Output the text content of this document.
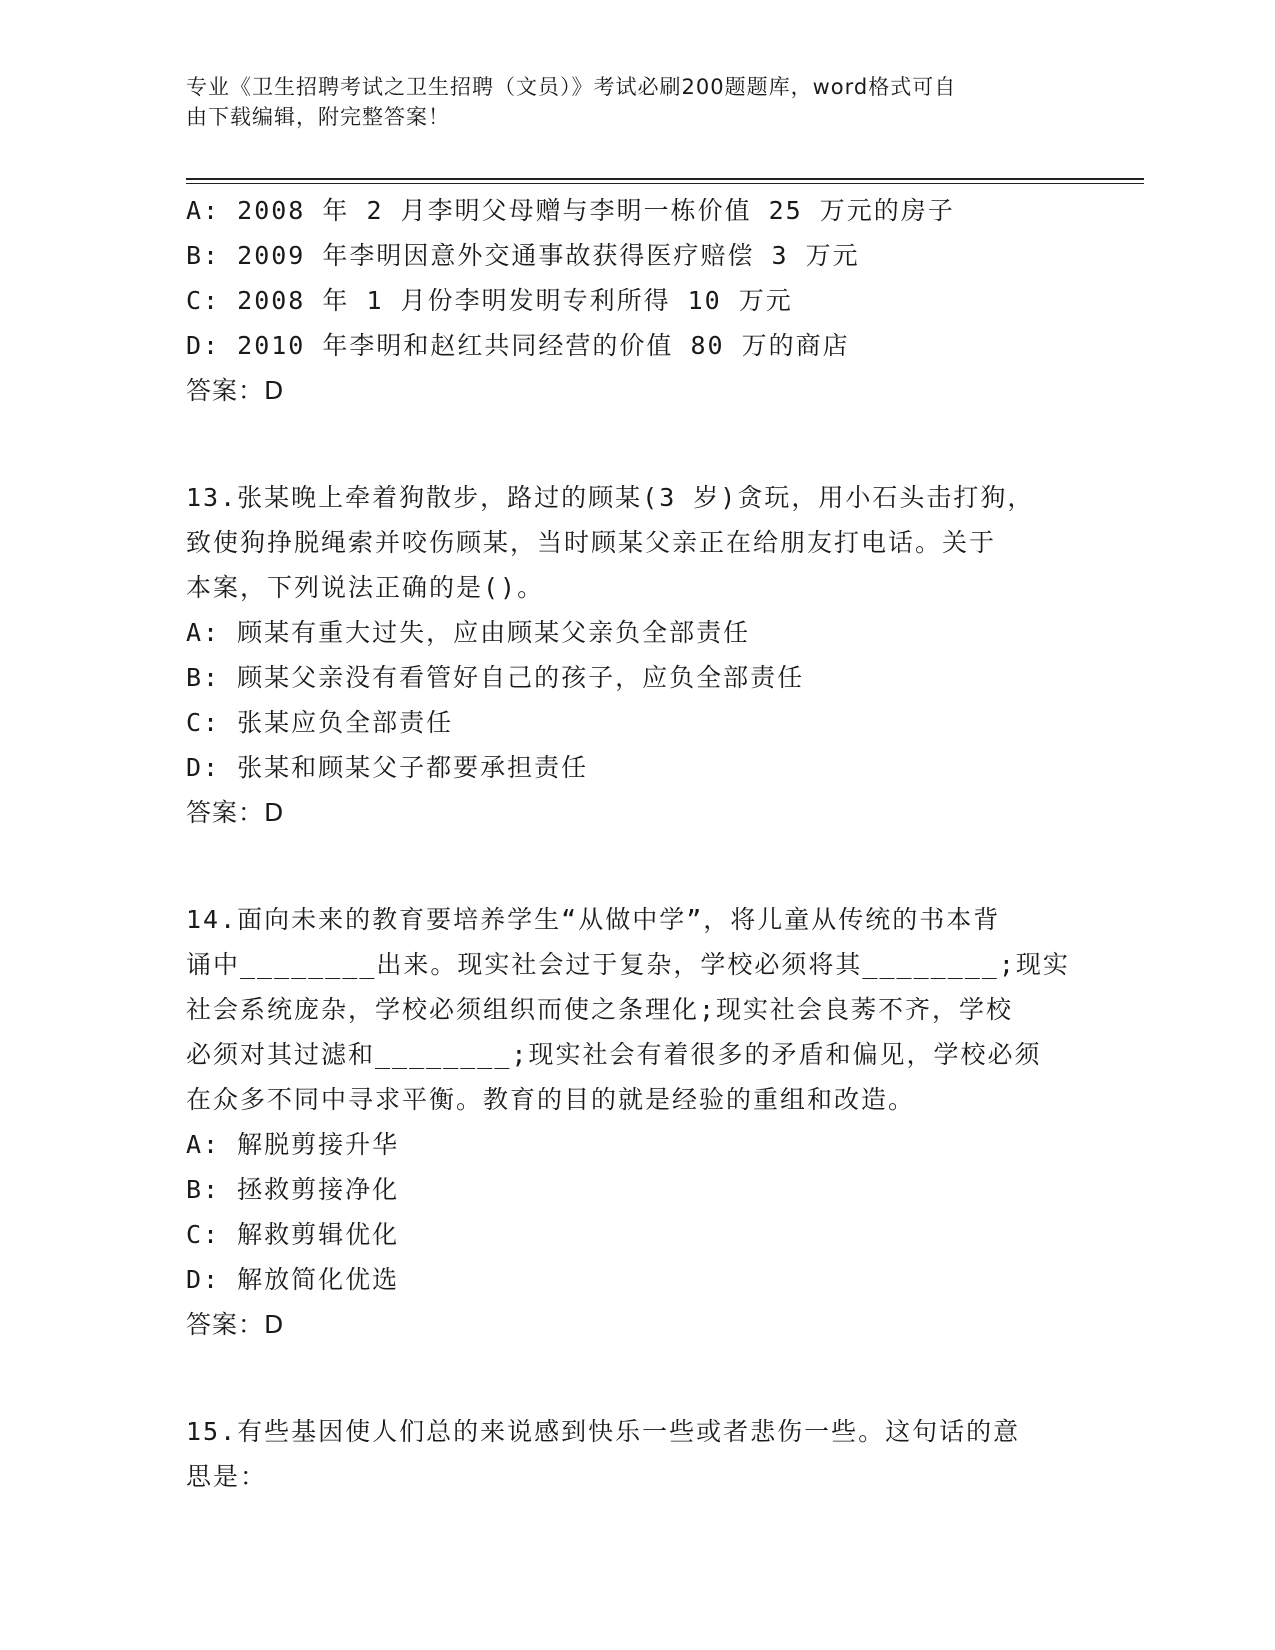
专业《卫生招聘考试之卫生招聘（文员）》考试必刷200题题库，word格式可自
由下载编辑，附完整答案！
A: 2008 年 2 月李明父母赠与李明一栋价值 25 万元的房子
B: 2009 年李明因意外交通事故获得医疗赔偿 3 万元
C: 2008 年 1 月份李明发明专利所得 10 万元
D: 2010 年李明和赵红共同经营的价值 80 万的商店
答案：D
13.张某晚上牵着狗散步，路过的顾某(3 岁)贪玩，用小石头击打狗，
致使狗挣脱绳索并咬伤顾某，当时顾某父亲正在给朋友打电话。关于
本案，下列说法正确的是()。
A: 顾某有重大过失，应由顾某父亲负全部责任
B: 顾某父亲没有看管好自己的孩子，应负全部责任
C: 张某应负全部责任
D: 张某和顾某父子都要承担责任
答案：D
14.面向未来的教育要培养学生“从做中学”，将儿童从传统的书本背
诵中________出来。现实社会过于复杂，学校必须将其________;现实
社会系统庞杂，学校必须组织而使之条理化;现实社会良莠不齐，学校
必须对其过滤和________;现实社会有着很多的矛盾和偏见，学校必须
在众多不同中寻求平衡。教育的目的就是经验的重组和改造。
A: 解脱剪接升华
B: 拯救剪接净化
C: 解救剪辑优化
D: 解放简化优选
答案：D
15.有些基因使人们总的来说感到快乐一些或者悲伤一些。这句话的意
思是：
